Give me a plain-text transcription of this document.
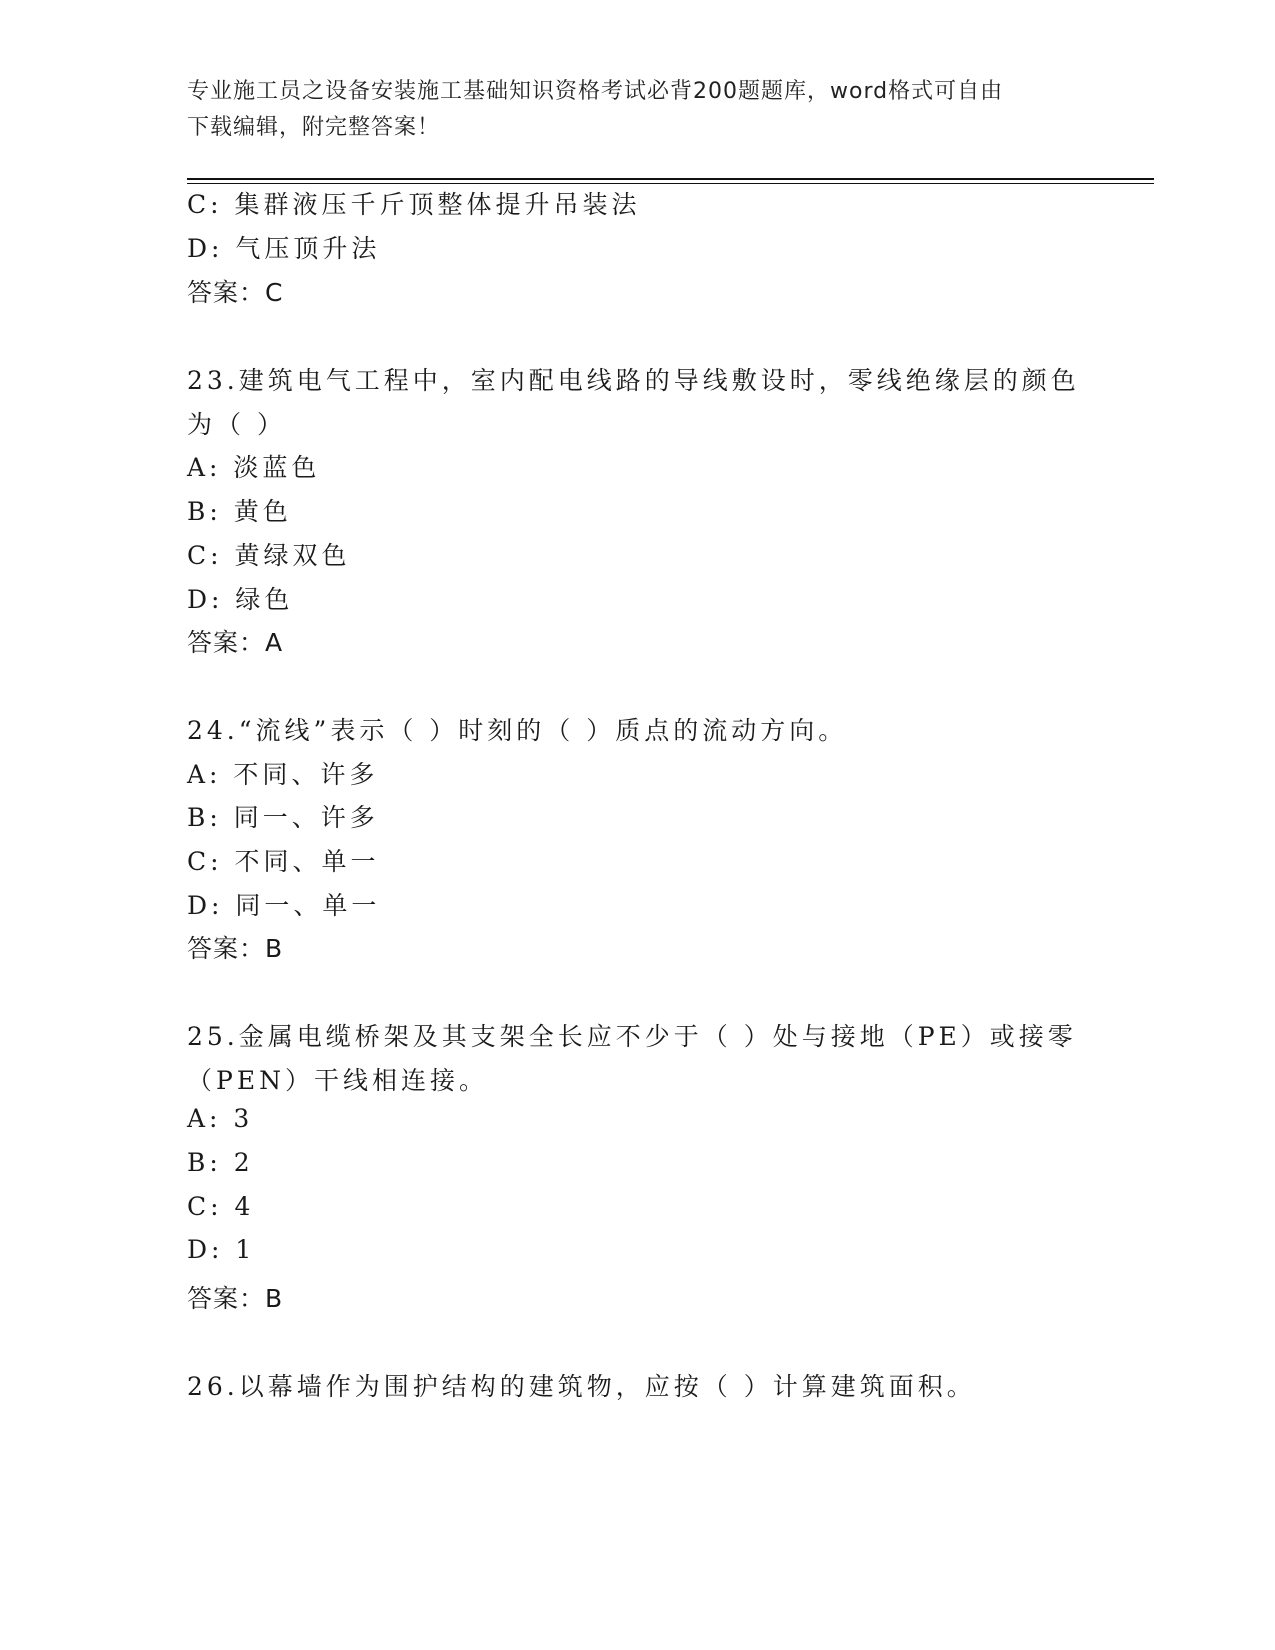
专业施工员之设备安装施工基础知识资格考试必背200题题库，word格式可自由
下载编辑，附完整答案！
C: 集群液压千斤顶整体提升吊装法
D: 气压顶升法
答案：C
23.建筑电气工程中，室内配电线路的导线敷设时，零线绝缘层的颜色
为（ ）
A: 淡蓝色
B: 黄色
C: 黄绿双色
D: 绿色
答案：A
24.“流线”表示（ ）时刻的（ ）质点的流动方向。
A: 不同、许多
B: 同一、许多
C: 不同、单一
D: 同一、单一
答案：B
25.金属电缆桥架及其支架全长应不少于（ ）处与接地（PE）或接零
（PEN）干线相连接。
A: 3
B: 2
C: 4
D: 1
答案：B
26.以幕墙作为围护结构的建筑物，应按（ ）计算建筑面积。
